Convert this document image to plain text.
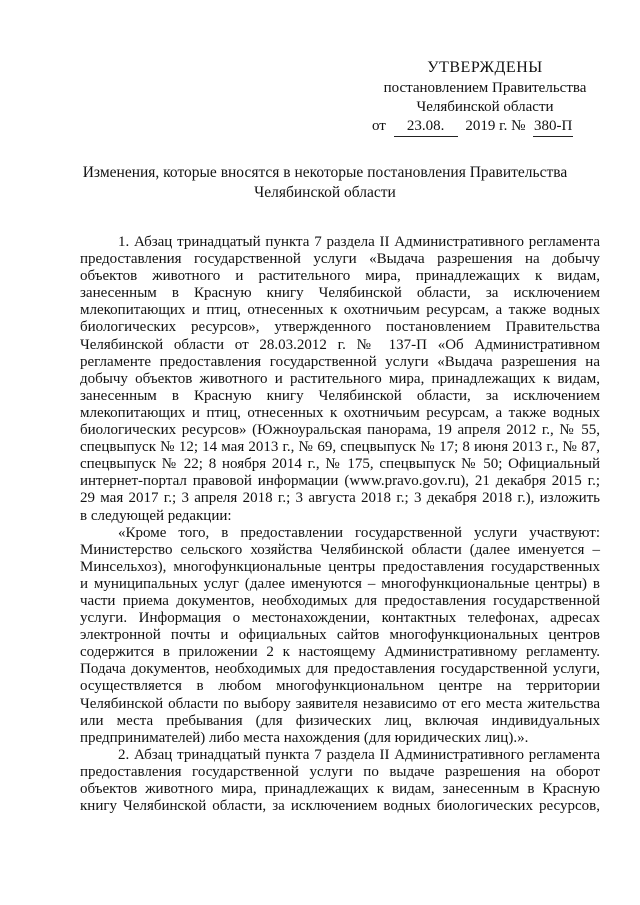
УТВЕРЖДЕНЫ
постановлением Правительства
Челябинской области
от 23.08. 2019 г. № 380-П
Изменения, которые вносятся в некоторые постановления Правительства
Челябинской области

1. Абзац тринадцатый пункта 7 раздела II Административного регламента
предоставления государственной услуги «Выдача разрешения на добычу
объектов животного и растительного мира, принадлежащих к видам,
занесенным в Красную книгу Челябинской области, за исключением
млекопитающих и птиц, отнесенных к охотничьим ресурсам, а также водных
биологических ресурсов», утвержденного постановлением Правительства
Челябинской области от 28.03.2012 г. № 137-П «Об Административном
регламенте предоставления государственной услуги «Выдача разрешения на
добычу объектов животного и растительного мира, принадлежащих к видам,
занесенным в Красную книгу Челябинской области, за исключением
млекопитающих и птиц, отнесенных к охотничьим ресурсам, а также водных
биологических ресурсов» (Южноуральская панорама, 19 апреля 2012 г., № 55,
спецвыпуск № 12; 14 мая 2013 г., № 69, спецвыпуск № 17; 8 июня 2013 г., № 87,
спецвыпуск № 22; 8 ноября 2014 г., № 175, спецвыпуск № 50; Официальный
интернет-портал правовой информации (www.pravo.gov.ru), 21 декабря 2015 г.;
29 мая 2017 г.; 3 апреля 2018 г.; 3 августа 2018 г.; 3 декабря 2018 г.), изложить
в следующей редакции:

«Кроме того, в предоставлении государственной услуги участвуют:
Министерство сельского хозяйства Челябинской области (далее именуется –
Минсельхоз), многофункциональные центры предоставления государственных
и муниципальных услуг (далее именуются – многофункциональные центры) в
части приема документов, необходимых для предоставления государственной
услуги. Информация о местонахождении, контактных телефонах, адресах
электронной почты и официальных сайтов многофункциональных центров
содержится в приложении 2 к настоящему Административному регламенту.
Подача документов, необходимых для предоставления государственной услуги,
осуществляется в любом многофункциональном центре на территории
Челябинской области по выбору заявителя независимо от его места жительства
или места пребывания (для физических лиц, включая индивидуальных
предпринимателей) либо места нахождения (для юридических лиц).».

2. Абзац тринадцатый пункта 7 раздела II Административного регламента
предоставления государственной услуги по выдаче разрешения на оборот
объектов животного мира, принадлежащих к видам, занесенным в Красную
книгу Челябинской области, за исключением водных биологических ресурсов,
